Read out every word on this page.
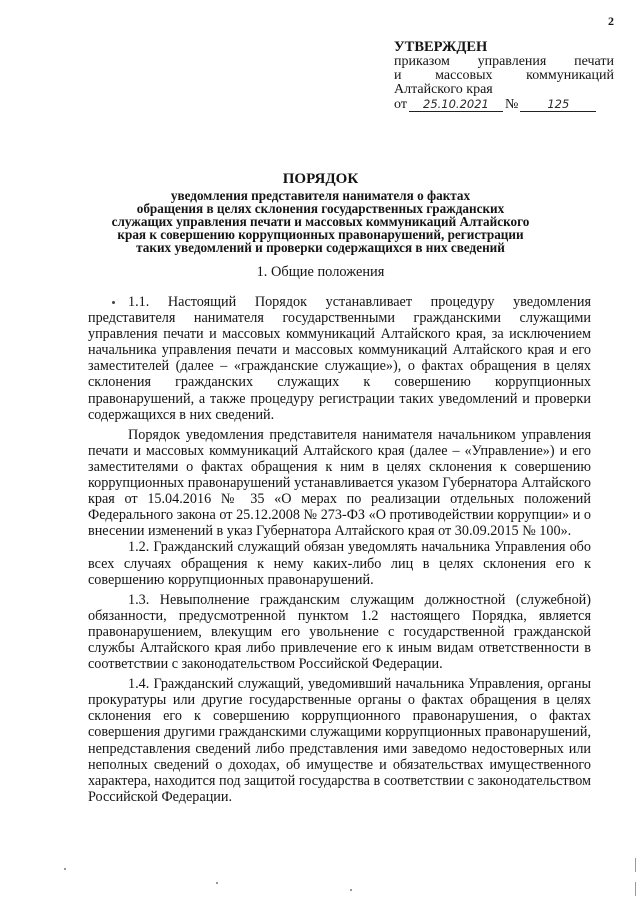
2
УТВЕРЖДЕН
приказом управления печати
и массовых коммуникаций
Алтайского края
от	25.10.2021	№	125
ПОРЯДОК
уведомления представителя нанимателя о фактах
обращения в целях склонения государственных гражданских
служащих управления печати и массовых коммуникаций Алтайского
края к совершению коррупционных правонарушений, регистрации
таких уведомлений и проверки содержащихся в них сведений
1. Общие положения

1.1. Настоящий Порядок устанавливает процедуру уведомления представителя нанимателя государственными гражданскими служащими управления печати и массовых коммуникаций Алтайского края, за исключением начальника управления печати и массовых коммуникаций Алтайского края и его заместителей (далее – «гражданские служащие»), о фактах обращения в целях склонения гражданских служащих к совершению коррупционных правонарушений, а также процедуру регистрации таких уведомлений и проверки содержащихся в них сведений.

Порядок уведомления представителя нанимателя начальником управления печати и массовых коммуникаций Алтайского края (далее – «Управление») и его заместителями о фактах обращения к ним в целях склонения к совершению коррупционных правонарушений устанавливается указом Губернатора Алтайского края от 15.04.2016 № 35 «О мерах по реализации отдельных положений Федерального закона от 25.12.2008 № 273-ФЗ «О противодействии коррупции» и о внесении изменений в указ Губернатора Алтайского края от 30.09.2015 № 100».

1.2. Гражданский служащий обязан уведомлять начальника Управления обо всех случаях обращения к нему каких-либо лиц в целях склонения его к совершению коррупционных правонарушений.

1.3. Невыполнение гражданским служащим должностной (служебной) обязанности, предусмотренной пунктом 1.2 настоящего Порядка, является правонарушением, влекущим его увольнение с государственной гражданской службы Алтайского края либо привлечение его к иным видам ответственности в соответствии с законодательством Российской Федерации.

1.4. Гражданский служащий, уведомивший начальника Управления, органы прокуратуры или другие государственные органы о фактах обращения в целях склонения его к совершению коррупционного правонарушения, о фактах совершения другими гражданскими служащими коррупционных правонарушений, непредставления сведений либо представления ими заведомо недостоверных или неполных сведений о доходах, об имуществе и обязательствах имущественного характера, находится под защитой государства в соответствии с законодательством Российской Федерации.
